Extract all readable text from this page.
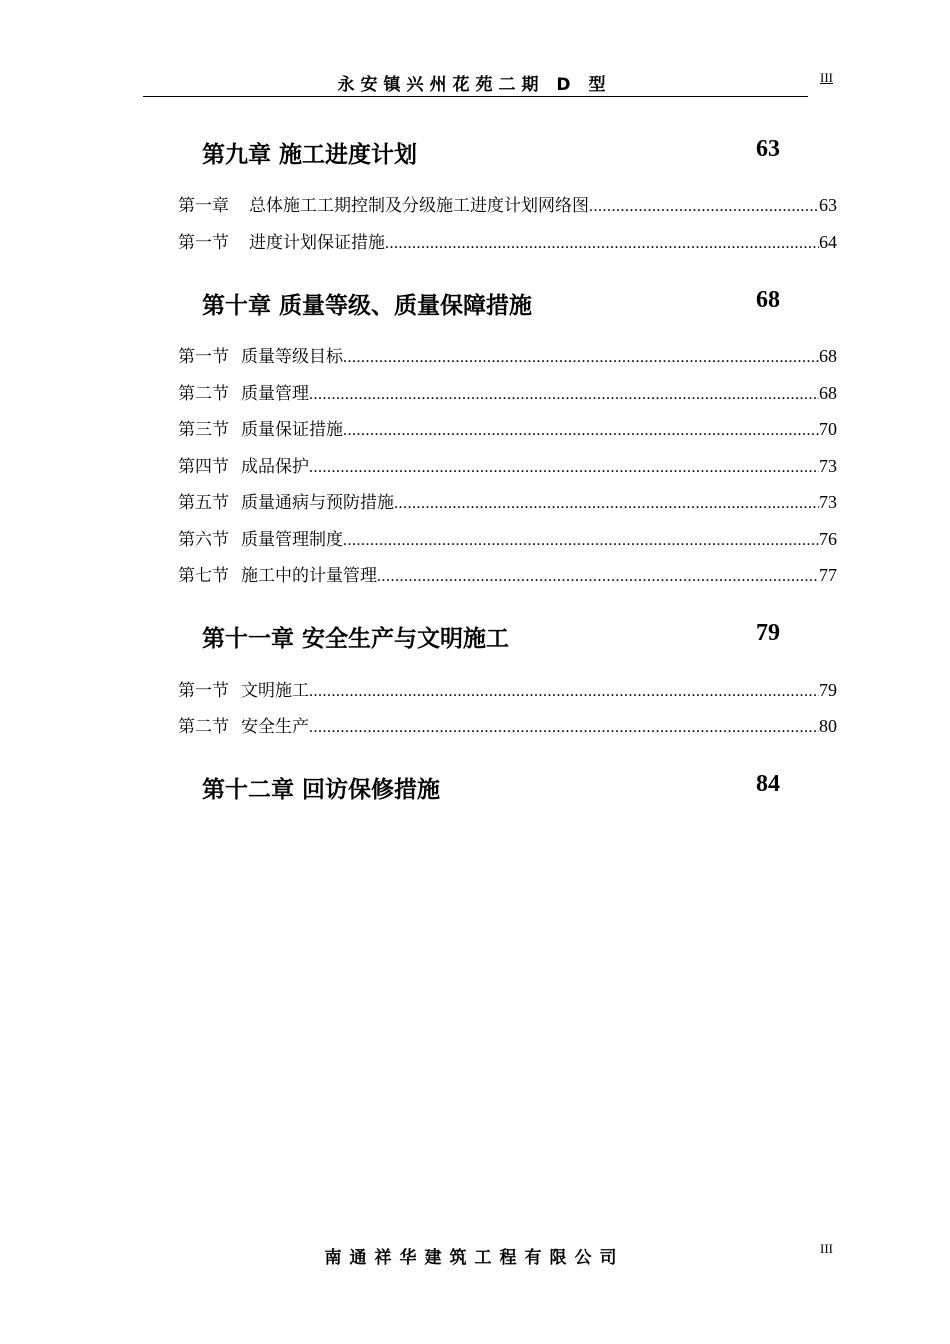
永安镇兴州花苑二期 D 型	III
第九章 施工进度计划	63
第一章 总体施工工期控制及分级施工进度计划网络图 .....	63
第一节 进度计划保证措施 .....	64
第十章 质量等级、质量保障措施	68
第一节 质量等级目标 .....	68
第二节 质量管理 .....	68
第三节 质量保证措施 .....	70
第四节 成品保护 .....	73
第五节 质量通病与预防措施 .....	73
第六节 质量管理制度 .....	76
第七节 施工中的计量管理 .....	77
第十一章 安全生产与文明施工	79
第一节 文明施工 .....	79
第二节 安全生产 .....	80
第十二章 回访保修措施	84
南通祥华建筑工程有限公司	III
